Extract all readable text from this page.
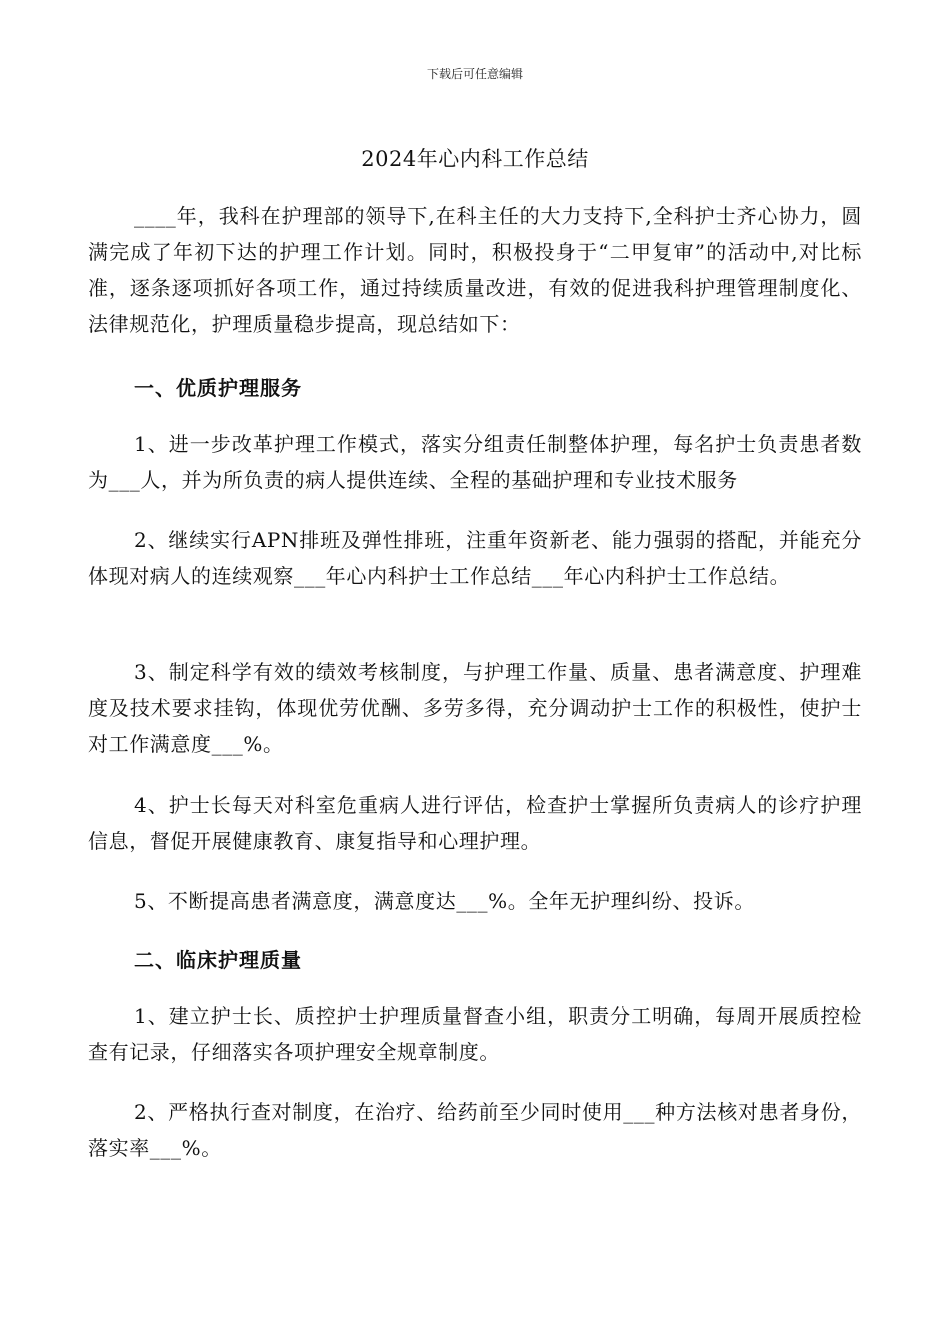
下载后可任意编辑
2024年心内科工作总结
____年，我科在护理部的领导下,在科主任的大力支持下,全科护士齐心协力，圆满完成了年初下达的护理工作计划。同时，积极投身于“二甲复审”的活动中,对比标准，逐条逐项抓好各项工作，通过持续质量改进，有效的促进我科护理管理制度化、法律规范化，护理质量稳步提高，现总结如下：
一、优质护理服务
1、进一步改革护理工作模式，落实分组责任制整体护理，每名护士负责患者数为___人，并为所负责的病人提供连续、全程的基础护理和专业技术服务
2、继续实行APN排班及弹性排班，注重年资新老、能力强弱的搭配，并能充分体现对病人的连续观察___年心内科护士工作总结___年心内科护士工作总结。
3、制定科学有效的绩效考核制度，与护理工作量、质量、患者满意度、护理难度及技术要求挂钩，体现优劳优酬、多劳多得，充分调动护士工作的积极性，使护士对工作满意度___%。
4、护士长每天对科室危重病人进行评估，检查护士掌握所负责病人的诊疗护理信息，督促开展健康教育、康复指导和心理护理。
5、不断提高患者满意度，满意度达___%。全年无护理纠纷、投诉。
二、临床护理质量
1、建立护士长、质控护士护理质量督查小组，职责分工明确，每周开展质控检查有记录，仔细落实各项护理安全规章制度。
2、严格执行查对制度，在治疗、给药前至少同时使用___种方法核对患者身份，落实率___%。
